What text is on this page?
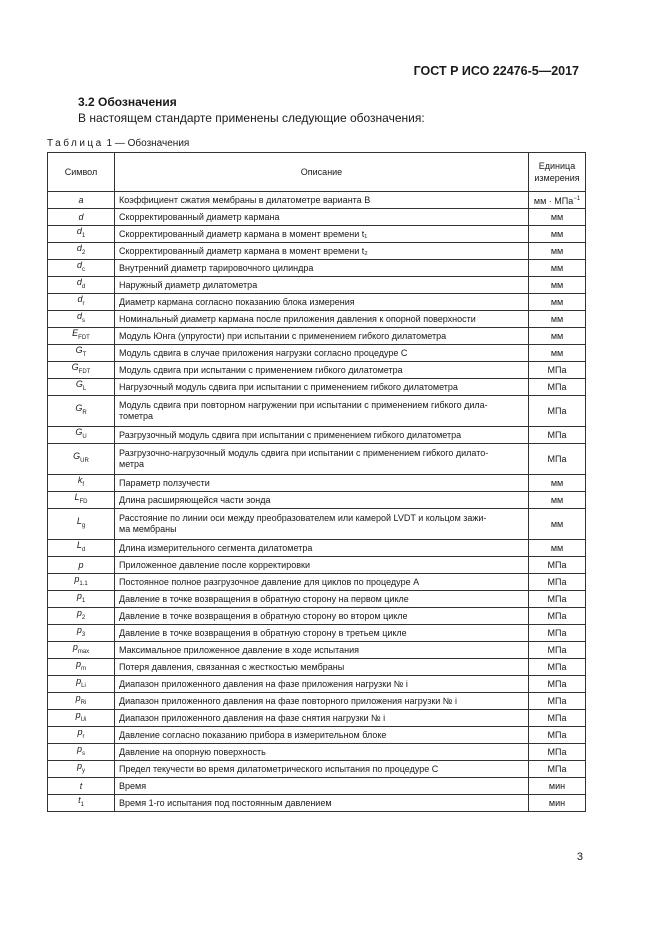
ГОСТ Р ИСО 22476-5—2017
3.2 Обозначения
В настоящем стандарте применены следующие обозначения:
Таблица 1 — Обозначения
Символ	Описание	Единица измерения
a	Коэффициент сжатия мембраны в дилатометре варианта B	мм · МПа$^{-1}$
d	Скорректированный диаметр кармана	мм
$d_1$	Скорректированный диаметр кармана в момент времени t₁	мм
$d_2$	Скорректированный диаметр кармана в момент времени t₂	мм
$d_c$	Внутренний диаметр тарировочного цилиндра	мм
$d_d$	Наружный диаметр дилатометра	мм
$d_r$	Диаметр кармана согласно показанию блока измерения	мм
$d_s$	Номинальный диаметр кармана после приложения давления к опорной поверхности	мм
$E_{FDT}$	Модуль Юнга (упругости) при испытании с применением гибкого дилатометра	мм
$G_T$	Модуль сдвига в случае приложения нагрузки согласно процедуре С	мм
$G_{FDT}$	Модуль сдвига при испытании с применением гибкого дилатометра	МПа
$G_L$	Нагрузочный модуль сдвига при испытании с применением гибкого дилатометра	МПа
$G_R$	Модуль сдвига при повторном нагружении при испытании с применением гибкого дила-
тометра	МПа
$G_U$	Разгрузочный модуль сдвига при испытании с применением гибкого дилатометра	МПа
$G_{UR}$	Разгрузочно-нагрузочный модуль сдвига при испытании с применением гибкого дилато-
метра	МПа
$k_f$	Параметр ползучести	мм
$L_{FD}$	Длина расширяющейся части зонда	мм
$L_g$	Расстояние по линии оси между преобразователем или камерой LVDT и кольцом зажи-
ма мембраны	мм
$L_d$	Длина измерительного сегмента дилатометра	мм
p	Приложенное давление после корректировки	МПа
$p_{1.1}$	Постоянное полное разгрузочное давление для циклов по процедуре А	МПа
$p_1$	Давление в точке возвращения в обратную сторону на первом цикле	МПа
$p_2$	Давление в точке возвращения в обратную сторону во втором цикле	МПа
$p_3$	Давление в точке возвращения в обратную сторону в третьем цикле	МПа
$p_{max}$	Максимальное приложенное давление в ходе испытания	МПа
$p_m$	Потеря давления, связанная с жесткостью мембраны	МПа
$p_{Li}$	Диапазон приложенного давления на фазе приложения нагрузки № i	МПа
$p_{Ri}$	Диапазон приложенного давления на фазе повторного приложения нагрузки № i	МПа
$p_{Ui}$	Диапазон приложенного давления на фазе снятия нагрузки № i	МПа
$p_r$	Давление согласно показанию прибора в измерительном блоке	МПа
$p_s$	Давление на опорную поверхность	МПа
$p_y$	Предел текучести во время дилатометрического испытания по процедуре С	МПа
t	Время	мин
$t_1$	Время 1-го испытания под постоянным давлением	мин
3
